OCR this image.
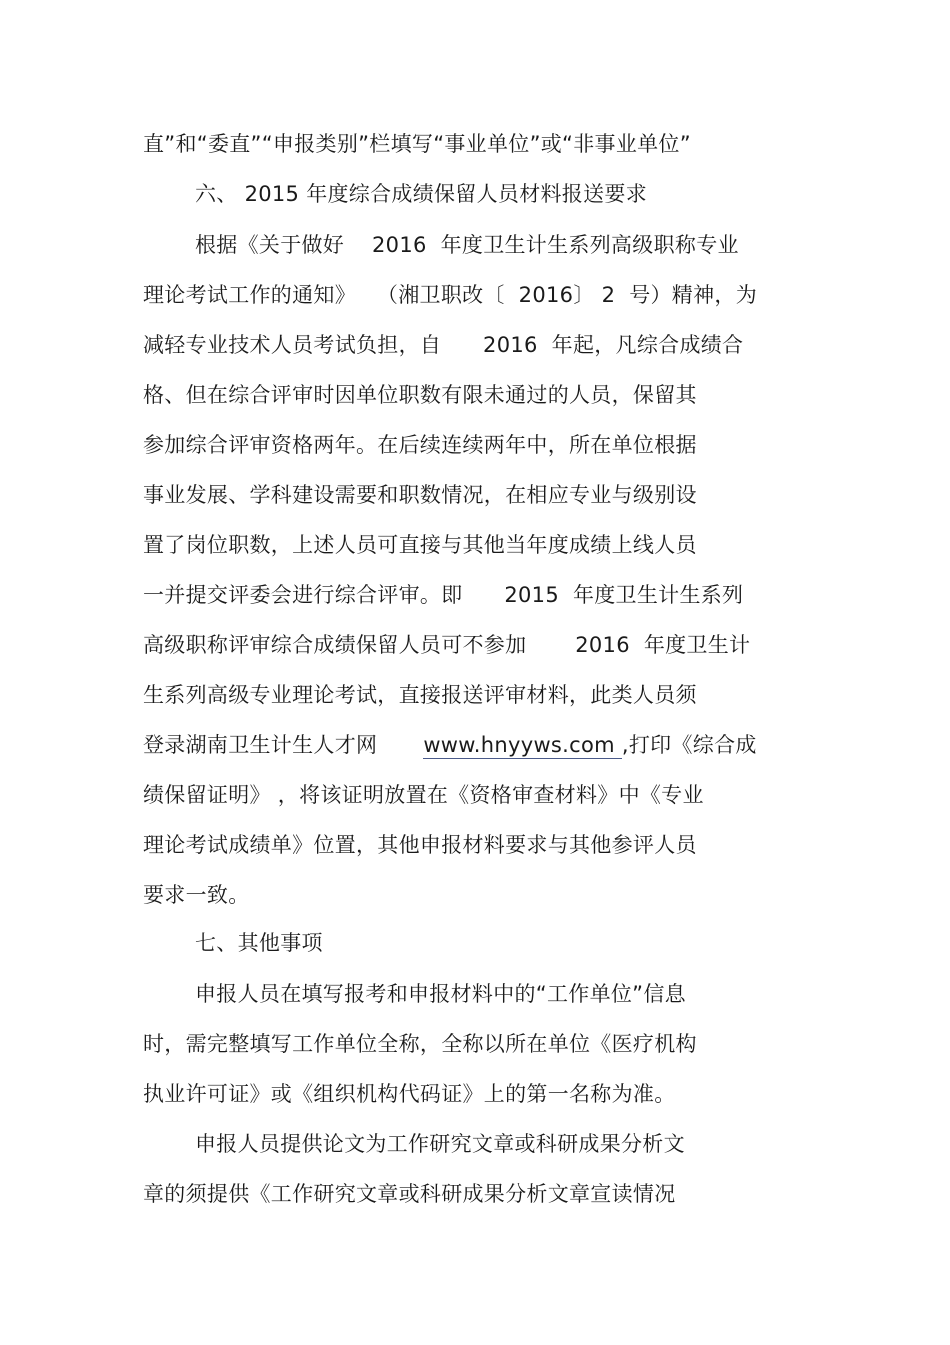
直”和“委直”“申报类别”栏填写“事业单位”或“非事业单位”
六、 2015 年度综合成绩保留人员材料报送要求
根据《关于做好    2016  年度卫生计生系列高级职称专业
理论考试工作的通知》   （湘卫职改〔  2016〕 2  号）精神，为
减轻专业技术人员考试负担，自      2016  年起，凡综合成绩合
格、但在综合评审时因单位职数有限未通过的人员，保留其
参加综合评审资格两年。在后续连续两年中，所在单位根据
事业发展、学科建设需要和职数情况，在相应专业与级别设
置了岗位职数，上述人员可直接与其他当年度成绩上线人员
一并提交评委会进行综合评审。即      2015  年度卫生计生系列
高级职称评审综合成绩保留人员可不参加       2016  年度卫生计
生系列高级专业理论考试，直接报送评审材料，此类人员须
登录湖南卫生计生人才网 www.hnyyws.com ,打印《综合成
绩保留证明》 ，将该证明放置在《资格审查材料》中《专业
理论考试成绩单》位置，其他申报材料要求与其他参评人员
要求一致。
七、其他事项
申报人员在填写报考和申报材料中的“工作单位”信息
时，需完整填写工作单位全称，全称以所在单位《医疗机构
执业许可证》或《组织机构代码证》上的第一名称为准。
申报人员提供论文为工作研究文章或科研成果分析文
章的须提供《工作研究文章或科研成果分析文章宣读情况
